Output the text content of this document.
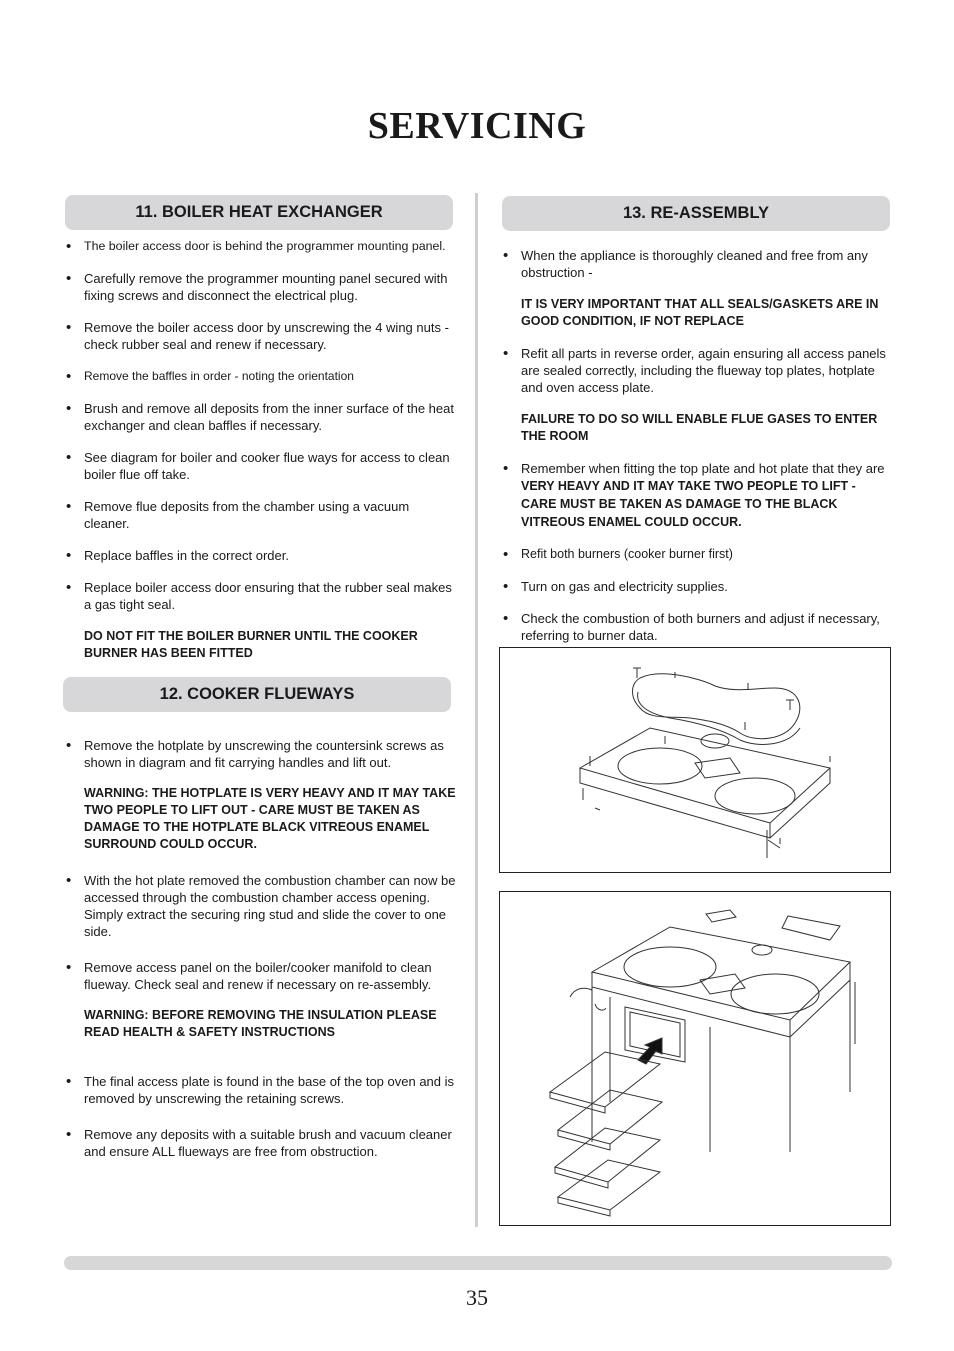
SERVICING
11. BOILER HEAT EXCHANGER
• The boiler access door is behind the programmer mounting panel.
• Carefully remove the programmer mounting panel secured with fixing screws and disconnect the electrical plug.
• Remove the boiler access door by unscrewing the 4 wing nuts - check rubber seal and renew if necessary.
• Remove the baffles in order - noting the orientation
• Brush and remove all deposits from the inner surface of the heat exchanger and clean baffles if necessary.
• See diagram for boiler and cooker flue ways for access to clean boiler flue off take.
• Remove flue deposits from the chamber using a vacuum cleaner.
• Replace baffles in the correct order.
• Replace boiler access door ensuring that the rubber seal makes a gas tight seal.
DO NOT FIT THE BOILER BURNER UNTIL THE COOKER BURNER HAS BEEN FITTED
12. COOKER FLUEWAYS
• Remove the hotplate by unscrewing the countersink screws as shown in diagram and fit carrying handles and lift out.
WARNING: THE HOTPLATE IS VERY HEAVY AND IT MAY TAKE TWO PEOPLE TO LIFT OUT - CARE MUST BE TAKEN AS DAMAGE TO THE HOTPLATE BLACK VITREOUS ENAMEL SURROUND COULD OCCUR.
• With the hot plate removed the combustion chamber can now be accessed through the combustion chamber access opening. Simply extract the securing ring stud and slide the cover to one side.
• Remove access panel on the boiler/cooker manifold to clean flueway. Check seal and renew if necessary on re-assembly.
WARNING: BEFORE REMOVING THE INSULATION PLEASE READ HEALTH & SAFETY INSTRUCTIONS
• The final access plate is found in the base of the top oven and is removed by unscrewing the retaining screws.
• Remove any deposits with a suitable brush and vacuum cleaner and ensure ALL flueways are free from obstruction.
13. RE-ASSEMBLY
• When the appliance is thoroughly cleaned and free from any obstruction -
IT IS VERY IMPORTANT THAT ALL SEALS/GASKETS ARE IN GOOD CONDITION, IF NOT REPLACE
• Refit all parts in reverse order, again ensuring all access panels are sealed correctly, including the flueway top plates, hotplate and oven access plate.
FAILURE TO DO SO WILL ENABLE FLUE GASES TO ENTER THE ROOM
• Remember when fitting the top plate and hot plate that they are VERY HEAVY AND IT MAY TAKE TWO PEOPLE TO LIFT - CARE MUST BE TAKEN AS DAMAGE TO THE BLACK VITREOUS ENAMEL COULD OCCUR.
• Refit both burners (cooker burner first)
• Turn on gas and electricity supplies.
• Check the combustion of both burners and adjust if necessary, referring to burner data.
35
